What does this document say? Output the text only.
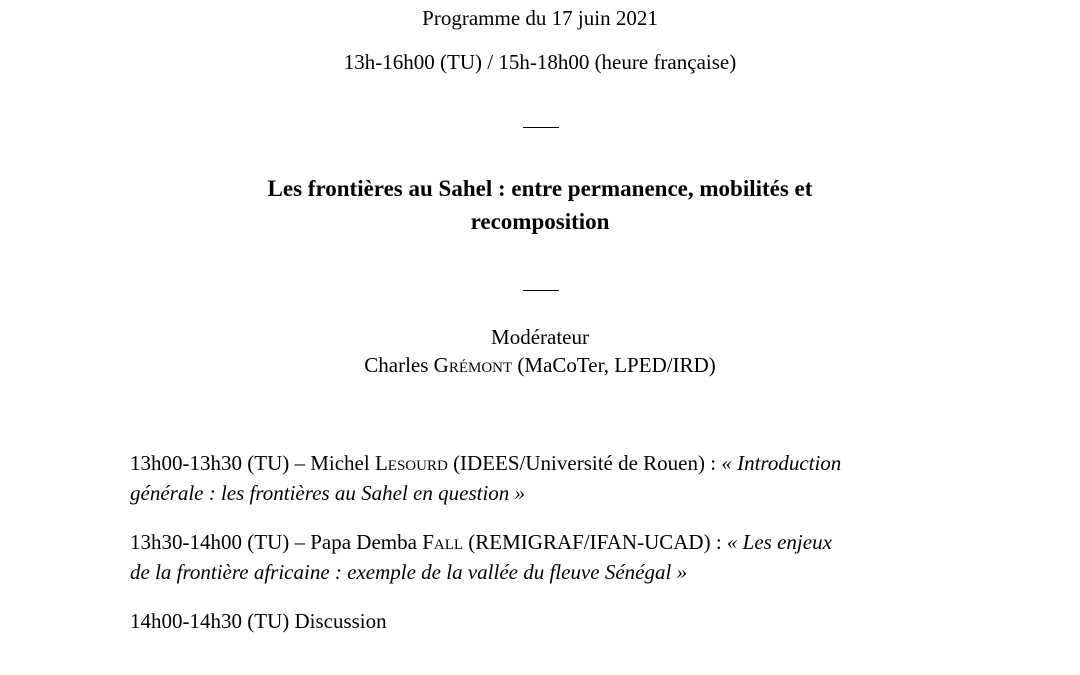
Programme du 17 juin 2021
13h-16h00 (TU) / 15h-18h00 (heure française)
Les frontières au Sahel : entre permanence, mobilités et
recomposition
Modérateur
Charles Grémont (MaCoTer, LPED/IRD)

13h00-13h30 (TU) – Michel Lesourd (IDEES/Université de Rouen) : « Introduction

générale : les frontières au Sahel en question »

13h30-14h00 (TU) – Papa Demba Fall (REMIGRAF/IFAN-UCAD) : « Les enjeux

de la frontière africaine : exemple de la vallée du fleuve Sénégal »

14h00-14h30 (TU) Discussion
